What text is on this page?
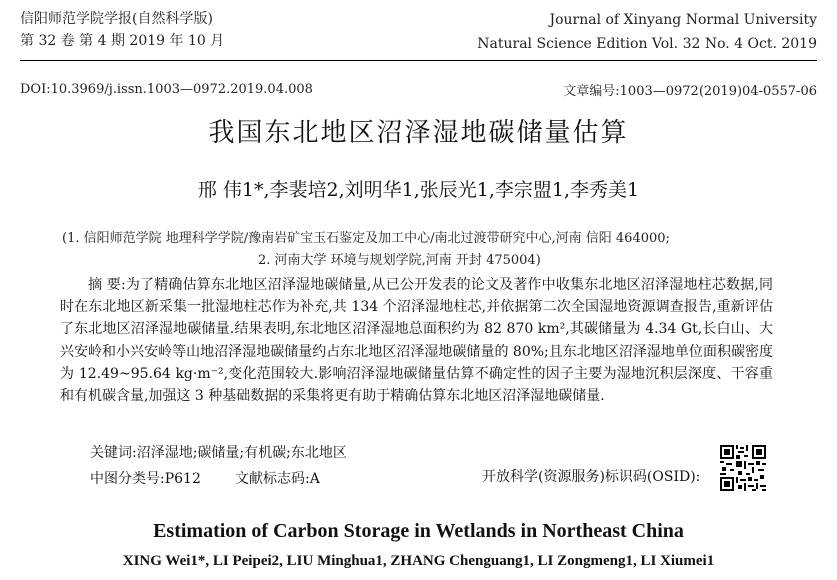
信阳师范学院学报(自然科学版)
第 32 卷 第 4 期 2019 年 10 月
Journal of Xinyang Normal University
Natural Science Edition Vol. 32 No. 4 Oct. 2019
DOI:10.3969/j.issn.1003—0972.2019.04.008	文章编号:1003—0972(2019)04-0557-06
我国东北地区沼泽湿地碳储量估算
邢 伟1*,李裴培2,刘明华1,张辰光1,李宗盟1,李秀美1
(1. 信阳师范学院 地理科学学院/豫南岩矿宝玉石鉴定及加工中心/南北过渡带研究中心,河南 信阳 464000;
2. 河南大学 环境与规划学院,河南 开封 475004)
摘 要:为了精确估算东北地区沼泽湿地碳储量,从已公开发表的论文及著作中收集东北地区沼泽湿地柱芯数据,同时在东北地区新采集一批湿地柱芯作为补充,共 134 个沼泽湿地柱芯,并依据第二次全国湿地资源调查报告,重新评估了东北地区沼泽湿地碳储量.结果表明,东北地区沼泽湿地总面积约为 82 870 km²,其碳储量为 4.34 Gt,长白山、大兴安岭和小兴安岭等山地沼泽湿地碳储量约占东北地区沼泽湿地碳储量的 80%;且东北地区沼泽湿地单位面积碳密度为 12.49~95.64 kg·m⁻²,变化范围较大.影响沼泽湿地碳储量估算不确定性的因子主要为湿地沉积层深度、干容重和有机碳含量,加强这 3 种基础数据的采集将更有助于精确估算东北地区沼泽湿地碳储量.
关键词:沼泽湿地;碳储量;有机碳;东北地区
中图分类号:P612 文献标志码:A	开放科学(资源服务)标识码(OSID):
Estimation of Carbon Storage in Wetlands in Northeast China
XING Wei1*, LI Peipei2, LIU Minghua1, ZHANG Chenguang1, LI Zongmeng1, LI Xiumei1
